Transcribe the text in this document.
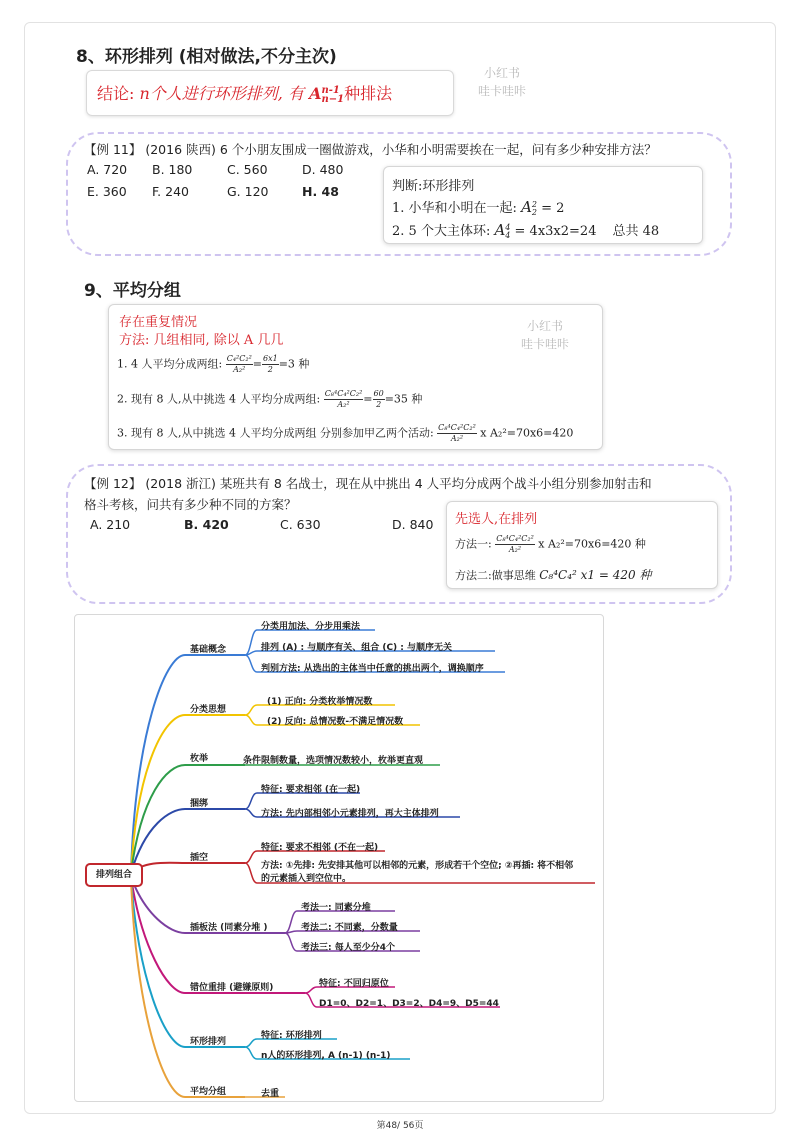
8、环形排列 (相对做法,不分主次)
结论: n个人进行环形排列, 有 A n-1
n−1 种排法
小红书
哇卡哇咔
【例 11】 (2016 陕西) 6 个小朋友围成一圈做游戏，小华和小明需要挨在一起，问有多少种安排方法？
A. 720 B. 180	C. 560	D. 480
E. 360 F. 240	G. 120	H. 48	判断:环形排列
1. 小华和小明在一起: A 2
2 = 2
2. 5 个大主体环: A 4
4 = 4x3x2=24 总共 48
9、平均分组
存在重复情况
方法: 几组相同, 除以 A 几几
小红书
哇卡哇咔
1. 4 人平均分成两组: $\frac{\text{C₄²C₂²}}{\text{A₂²}} = \frac{6x1}{2} =3$ 种
2. 现有 8 人,从中挑选 4 人平均分成两组: $\frac{\text{C₈⁴C₄²C₂²}}{\text{A₂²}} = \frac{60}{2} =35$ 种
3. 现有 8 人,从中挑选 4 人平均分成两组 分别参加甲乙两个活动: $\frac{\text{C₈⁴C₄²C₂²}}{\text{A₂²}}$ x A₂²=70x6=420
【例 12】 (2018 浙江) 某班共有 8 名战士，现在从中挑出 4 人平均分成两个战斗小组分别参加射击和
格斗考核，问共有多少种不同的方案？
A. 210	B. 420	C. 630	D. 840 先选人,在排列
方法一: $\frac{\text{C₈⁴C₄²C₂²}}{\text{A₂²}}$ x A₂²=70x6=420 种
方法二:做事思维 C₈⁴C₄² x1 = 420 种
排列组合
基础概念
分类用加法、分步用乘法
排列 (A) : 与顺序有关、组合 (C) : 与顺序无关
判别方法: 从选出的主体当中任意的挑出两个，调换顺序
分类思想
(1) 正向: 分类枚举情况数
(2) 反向: 总情况数-不满足情况数
枚举	条件限制数量，选项情况数较小，枚举更直观
捆绑
特征: 要求相邻 (在一起)
方法: 先内部相邻小元素排列，再大主体排列
插空
特征: 要求不相邻 (不在一起)
方法: ①先排: 先安排其他可以相邻的元素，形成若干个空位; ②再插: 将不相邻
的元素插入到空位中。
插板法 (同素分堆 )
考法一: 同素分堆
考法二: 不同素，分数量
考法三: 每人至少分4个
错位重排 (避嫌原则)	特征: 不回归原位
D1=0、D2=1、D3=2、D4=9、D5=44
环形排列
特征: 环形排列
n人的环形排列, A (n-1) (n-1)
平均分组	去重
第48/ 56页
